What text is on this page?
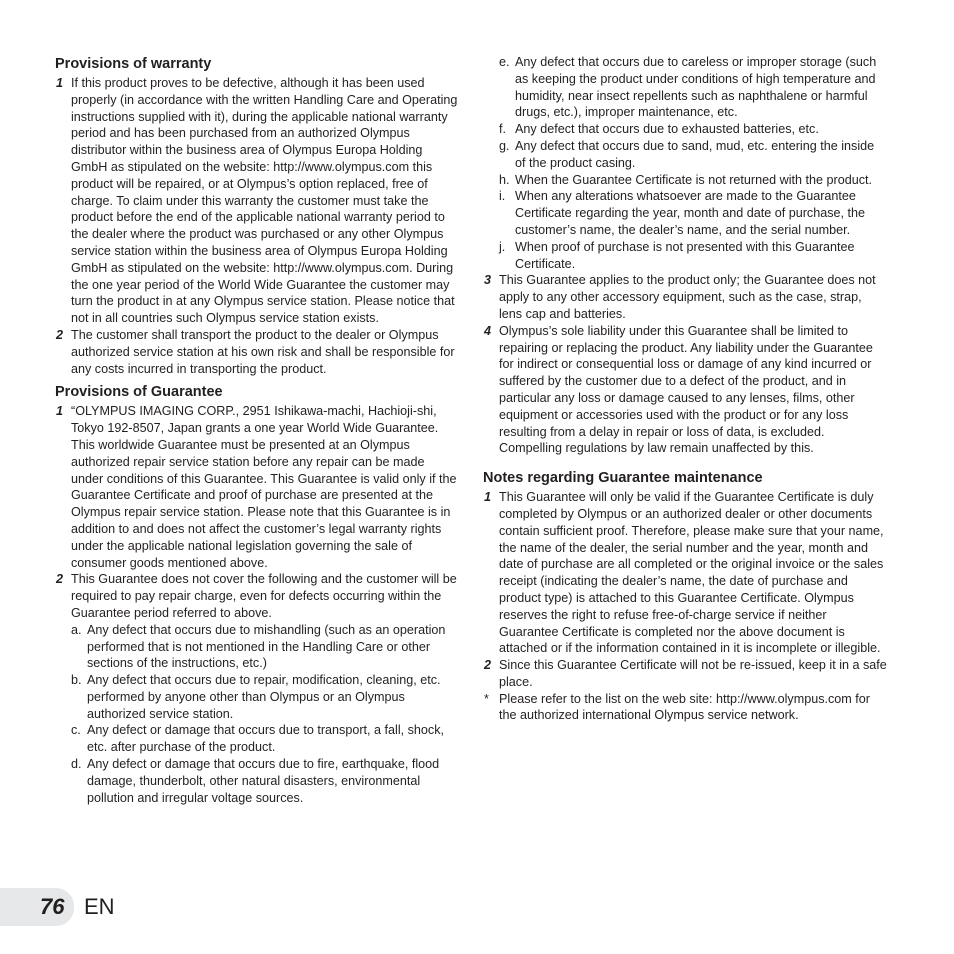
Provisions of warranty
1 If this product proves to be defective, although it has been used properly (in accordance with the written Handling Care and Operating instructions supplied with it), during the applicable national warranty period and has been purchased from an authorized Olympus distributor within the business area of Olympus Europa Holding GmbH as stipulated on the website: http://www.olympus.com this product will be repaired, or at Olympus’s option replaced, free of charge. To claim under this warranty the customer must take the product before the end of the applicable national warranty period to the dealer where the product was purchased or any other Olympus service station within the business area of Olympus Europa Holding GmbH as stipulated on the website: http://www.olympus.com. During the one year period of the World Wide Guarantee the customer may turn the product in at any Olympus service station. Please notice that not in all countries such Olympus service station exists.
2 The customer shall transport the product to the dealer or Olympus authorized service station at his own risk and shall be responsible for any costs incurred in transporting the product.
Provisions of Guarantee
1 “OLYMPUS IMAGING CORP., 2951 Ishikawa-machi, Hachioji-shi, Tokyo 192-8507, Japan grants a one year World Wide Guarantee. This worldwide Guarantee must be presented at an Olympus authorized repair service station before any repair can be made under conditions of this Guarantee. This Guarantee is valid only if the Guarantee Certificate and proof of purchase are presented at the Olympus repair service station. Please note that this Guarantee is in addition to and does not affect the customer’s legal warranty rights under the applicable national legislation governing the sale of consumer goods mentioned above.
2 This Guarantee does not cover the following and the customer will be required to pay repair charge, even for defects occurring within the Guarantee period referred to above.
a. Any defect that occurs due to mishandling (such as an operation performed that is not mentioned in the Handling Care or other sections of the instructions, etc.)
b. Any defect that occurs due to repair, modification, cleaning, etc. performed by anyone other than Olympus or an Olympus authorized service station.
c. Any defect or damage that occurs due to transport, a fall, shock, etc. after purchase of the product.
d. Any defect or damage that occurs due to fire, earthquake, flood damage, thunderbolt, other natural disasters, environmental pollution and irregular voltage sources.
e. Any defect that occurs due to careless or improper storage (such as keeping the product under conditions of high temperature and humidity, near insect repellents such as naphthalene or harmful drugs, etc.), improper maintenance, etc.
f. Any defect that occurs due to exhausted batteries, etc.
g. Any defect that occurs due to sand, mud, etc. entering the inside of the product casing.
h. When the Guarantee Certificate is not returned with the product.
i. When any alterations whatsoever are made to the Guarantee Certificate regarding the year, month and date of purchase, the customer’s name, the dealer’s name, and the serial number.
j. When proof of purchase is not presented with this Guarantee Certificate.
3 This Guarantee applies to the product only; the Guarantee does not apply to any other accessory equipment, such as the case, strap, lens cap and batteries.
4 Olympus’s sole liability under this Guarantee shall be limited to repairing or replacing the product. Any liability under the Guarantee for indirect or consequential loss or damage of any kind incurred or suffered by the customer due to a defect of the product, and in particular any loss or damage caused to any lenses, films, other equipment or accessories used with the product or for any loss resulting from a delay in repair or loss of data, is excluded. Compelling regulations by law remain unaffected by this.
Notes regarding Guarantee maintenance
1 This Guarantee will only be valid if the Guarantee Certificate is duly completed by Olympus or an authorized dealer or other documents contain sufficient proof. Therefore, please make sure that your name, the name of the dealer, the serial number and the year, month and date of purchase are all completed or the original invoice or the sales receipt (indicating the dealer’s name, the date of purchase and product type) is attached to this Guarantee Certificate. Olympus reserves the right to refuse free-of-charge service if neither Guarantee Certificate is completed nor the above document is attached or if the information contained in it is incomplete or illegible.
2 Since this Guarantee Certificate will not be re-issued, keep it in a safe place.
* Please refer to the list on the web site: http://www.olympus.com for the authorized international Olympus service network.
76 EN
